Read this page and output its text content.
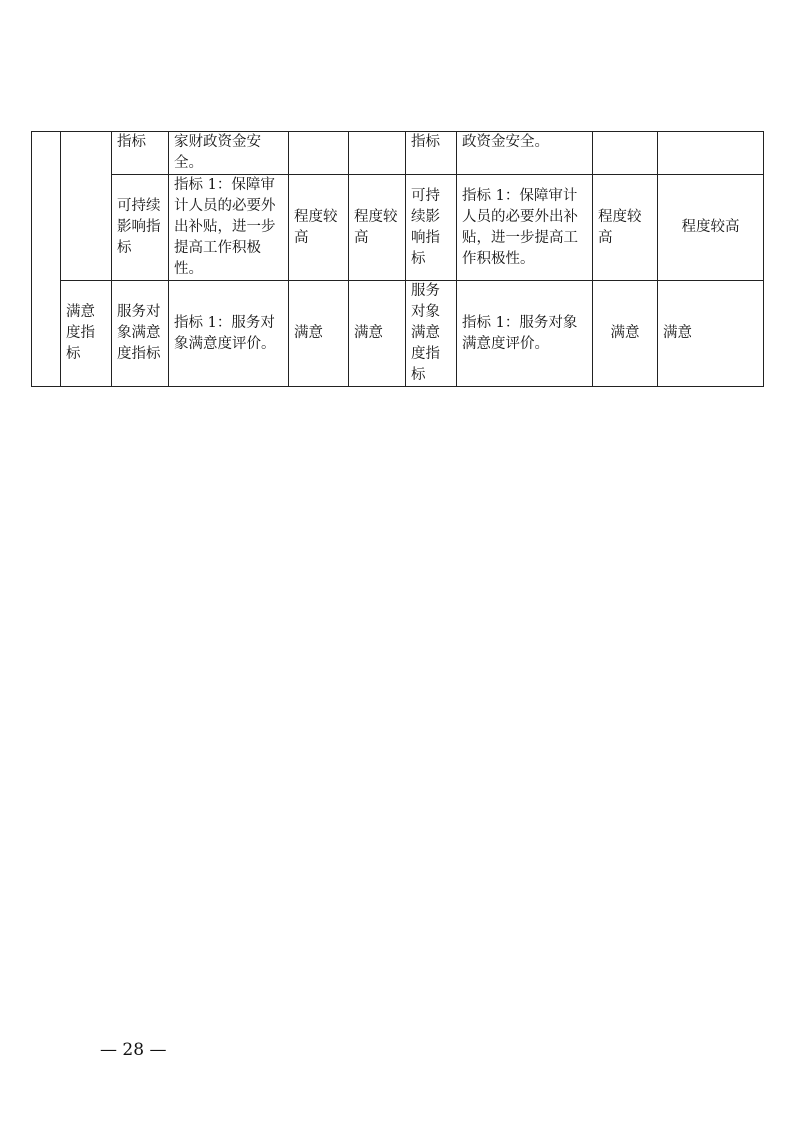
		指标	家财政资金安全。			指标	政资金安全。		
		可持续影响指标	指标 1：保障审计人员的必要外出补贴，进一步提高工作积极性。	程度较高	程度较高	可持续影响指标	指标 1：保障审计人员的必要外出补贴，进一步提高工作积极性。	程度较高	程度较高
	满意度指标	服务对象满意度指标	指标 1：服务对象满意度评价。	满意	满意	服务对象满意度指标	指标 1：服务对象满意度评价。	满意	满意
— 28 —
